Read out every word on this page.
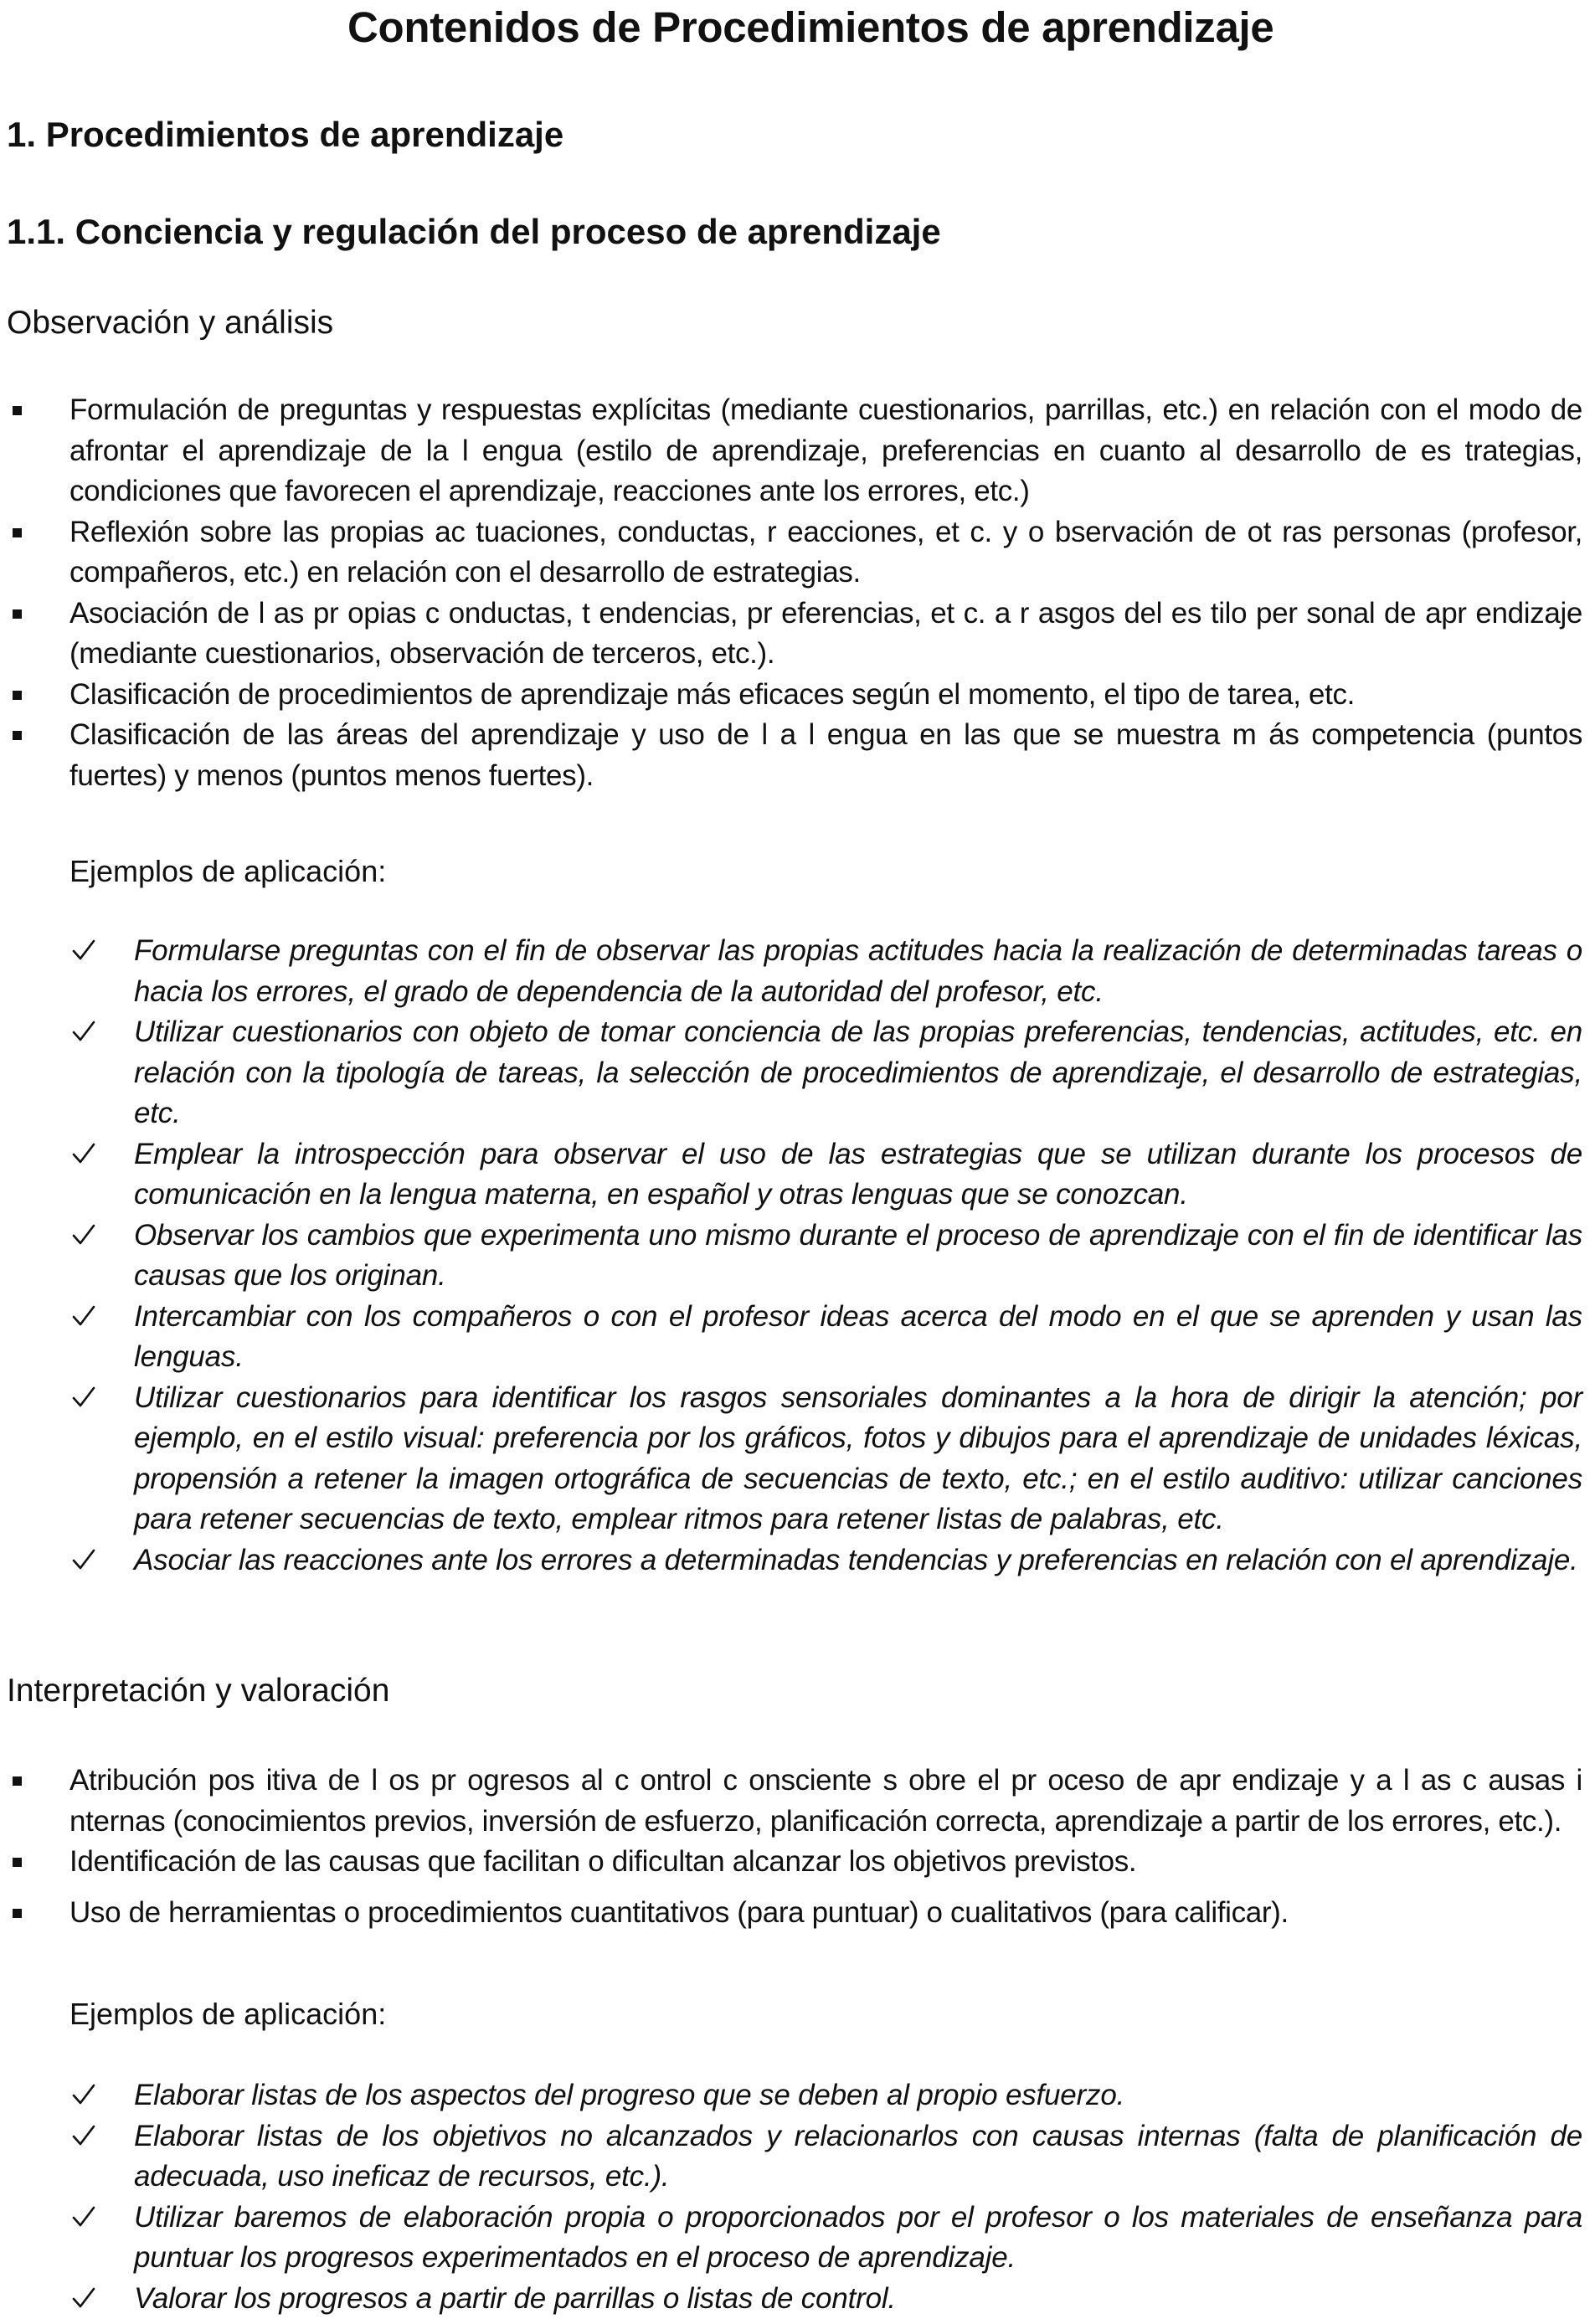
Contenidos de Procedimientos de aprendizaje
1. Procedimientos de aprendizaje
1.1. Conciencia y regulación del proceso de aprendizaje
Observación y análisis
Formulación de preguntas y respuestas explícitas (mediante cuestionarios, parrillas, etc.) en relación con el modo de afrontar el aprendizaje de la l engua (estilo de aprendizaje, preferencias en cuanto al desarrollo de es trategias, condiciones que favorecen el aprendizaje, reacciones ante los errores, etc.)
Reflexión sobre las propias ac tuaciones, conductas, r eacciones, et c. y o bservación de ot ras personas (profesor, compañeros, etc.) en relación con el desarrollo de estrategias.
Asociación de l as pr opias c onductas, t endencias, pr eferencias, et c. a r asgos del es tilo per sonal de apr endizaje (mediante cuestionarios, observación de terceros, etc.).
Clasificación de procedimientos de aprendizaje más eficaces según el momento, el tipo de tarea, etc.
Clasificación de las áreas del aprendizaje y uso de l a l engua en las que se muestra m ás competencia (puntos fuertes) y menos (puntos menos fuertes).
Ejemplos de aplicación:
Formularse preguntas con el fin de observar las propias actitudes hacia la realización de determinadas tareas o hacia los errores, el grado de dependencia de la autoridad del profesor, etc.
Utilizar cuestionarios con objeto de tomar conciencia de las propias preferencias, tendencias, actitudes, etc. en relación con la tipología de tareas, la selección de procedimientos de aprendizaje, el desarrollo de estrategias, etc.
Emplear la introspección para observar el uso de las estrategias que se utilizan durante los procesos de comunicación en la lengua materna, en español y otras lenguas que se conozcan.
Observar los cambios que experimenta uno mismo durante el proceso de aprendizaje con el fin de identificar las causas que los originan.
Intercambiar con los compañeros o con el profesor ideas acerca del modo en el que se aprenden y usan las lenguas.
Utilizar cuestionarios para identificar los rasgos sensoriales dominantes a la hora de dirigir la atención; por ejemplo, en el estilo visual: preferencia por los gráficos, fotos y dibujos para el aprendizaje de unidades léxicas, propensión a retener la imagen ortográfica de secuencias de texto, etc.; en el estilo auditivo: utilizar canciones para retener secuencias de texto, emplear ritmos para retener listas de palabras, etc.
Asociar las reacciones ante los errores a determinadas tendencias y preferencias en relación con el aprendizaje.
Interpretación y valoración
Atribución pos itiva de l os pr ogresos al c ontrol c onsciente s obre el pr oceso de apr endizaje y a l as c ausas i nternas (conocimientos previos, inversión de esfuerzo, planificación correcta, aprendizaje a partir de los errores, etc.).
Identificación de las causas que facilitan o dificultan alcanzar los objetivos previstos.
Uso de herramientas o procedimientos cuantitativos (para puntuar) o cualitativos (para calificar).
Ejemplos de aplicación:
Elaborar listas de los aspectos del progreso que se deben al propio esfuerzo.
Elaborar listas de los objetivos no alcanzados y relacionarlos con causas internas (falta de planificación de adecuada, uso ineficaz de recursos, etc.).
Utilizar baremos de elaboración propia o proporcionados por el profesor o los materiales de enseñanza para puntuar los progresos experimentados en el proceso de aprendizaje.
Valorar los progresos a partir de parrillas o listas de control.
